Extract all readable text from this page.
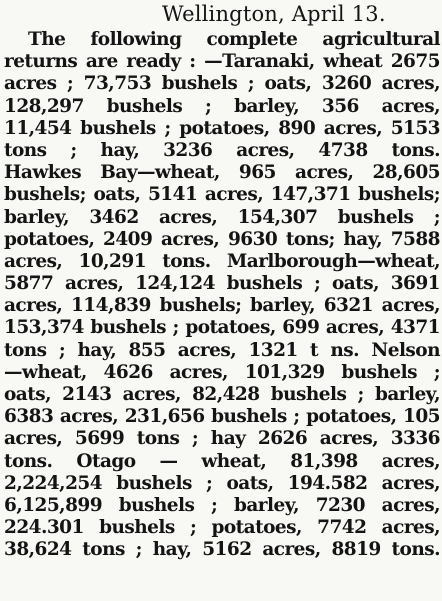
Wellington, April 13.
The following complete agricultural
returns are ready : —Taranaki, wheat 2675
acres ; 73,753 bushels ; oats, 3260 acres,
128,297 bushels ; barley, 356 acres,
11,454 bushels ; potatoes, 890 acres, 5153
tons ; hay, 3236 acres, 4738 tons.
Hawkes Bay—wheat, 965 acres, 28,605
bushels; oats, 5141 acres, 147,371 bushels;
barley, 3462 acres, 154,307 bushels ;
potatoes, 2409 acres, 9630 tons; hay, 7588
acres, 10,291 tons. Marlborough—wheat,
5877 acres, 124,124 bushels ; oats, 3691
acres, 114,839 bushels; barley, 6321 acres,
153,374 bushels ; potatoes, 699 acres, 4371
tons ; hay, 855 acres, 1321 t ns. Nelson
—wheat, 4626 acres, 101,329 bushels ;
oats, 2143 acres, 82,428 bushels ; barley,
6383 acres, 231,656 bushels ; potatoes, 105
acres, 5699 tons ; hay 2626 acres, 3336
tons. Otago — wheat, 81,398 acres,
2,224,254 bushels ; oats, 194.582 acres,
6,125,899 bushels ; barley, 7230 acres,
224.301 bushels ; potatoes, 7742 acres,
38,624 tons ; hay, 5162 acres, 8819 tons.
